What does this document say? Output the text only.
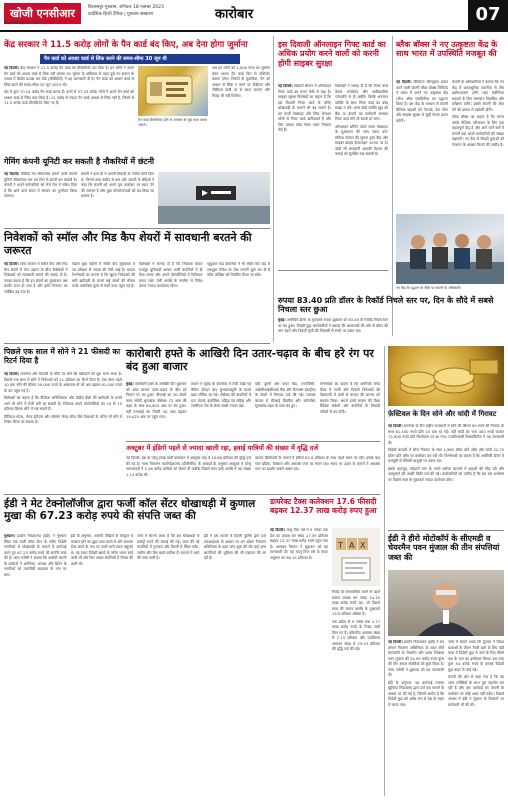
खोजी एनसीआर
www.khojincr.com
बिलासपुर गुरुग्राम, शनिवार 18 नवम्बर 2023
प्रादेशिक हिन्दी दैनिक | गुरुग्राम संस्करण	कारोबार	07
केंद्र सरकार ने 11.5 करोड़ लोगों के पैन कार्ड बंद किए, अब देना होगा जुर्माना
पैन कार्ड को आधार कार्ड से लिंक करने की समय-सीमा 30 जून थी

नई दिल्ली। केंद्र सरकार ने 11.5 करोड़ पैन कार्ड को डीएक्टिवेट कर दिया है। इन लोगों ने अपने पैन कार्ड को आधार कार्ड से लिंक नहीं कराया था। सूचना के अधिकार के तहत पूछे गए सवाल के जवाब में केंद्रीय प्रत्यक्ष कर बोर्ड (सीबीडीटी) ने यह जानकारी दी है। पैन कार्ड को आधार कार्ड से लिंक करने की समय-सीमा 30 जून 2023 थी।

देश में कुल 70.24 करोड़ पैन कार्ड धारक हैं। इनमें से 57.25 करोड़ लोगों ने अपने पैन कार्ड को आधार कार्ड से लिंक करा लिया है। 12 करोड़ से ज्यादा पैन कार्ड आधार से लिंक नहीं हैं, जिनमें से 11.5 करोड़ कार्ड डीएक्टिवेट किए गए हैं।

अब इन लोगों को 1,000 रुपए का जुर्माना देकर अपना पैन कार्ड फिर से एक्टिवेट कराना होगा। नियमों के मुताबिक, पैन को आधार से लिंक न करने पर टीडीएस और टीसीएस ऊंची दर से काटा जाएगा और रिफंड भी नहीं मिलेगा।
पैन कार्ड डीएक्टिवेट होने से आयकर से जुड़े काम अटक जाएंगे।
गेमिंग कंपनी यूनिटी कर सकती है नौकरियों में छंटनी

नई दिल्ली। वीडियो गेम सॉफ्टवेयर बनाने वाली कंपनी यूनिटी सॉफ्टवेयर एक बार फिर से छंटनी कर सकती है। कंपनी ने अपने कर्मचारियों को भेजे मेल में संकेत दिया है कि आने वाले समय में संगठन का पुनर्गठन किया जाएगा।

कंपनी ने हाल ही में अपनी तिमाही के नतीजे जारी किए थे, जिनमें आय उम्मीद से कम रही। कंपनी के सीईओ ने कहा कि कंपनी को अपने मूल कारोबार पर ध्यान देने की जरूरत है और कुछ परियोजनाओं को बंद किया जा सकता है।
निवेशकों को स्मॉल और मिड कैप शेयरों में सावधानी बरतने की जरूरत

नई दिल्ली। शेयर बाजार में स्मॉल कैप और मिड कैप शेयरों में तेज उछाल के बीच विशेषज्ञों ने निवेशकों को सावधानी बरतने की सलाह दी है। उनका कहना है कि इन शेयरों का मूल्यांकन अब काफी ऊंचा हो गया है और इनमें गिरावट का जोखिम बढ़ गया है।

पिछले कुछ महीनों में स्मॉल कैप सूचकांक में 30 प्रतिशत से ज्यादा की तेजी आई है। बाजार विश्लेषकों का मानना है कि खुदरा निवेशकों की भारी खरीदारी के चलते कई शेयरों की कीमत उनके वास्तविक मूल्य से कहीं ऊपर पहुंच गई है।
विशेषज्ञों ने सलाह दी है कि निवेशक केवल मजबूत बुनियादी आधार वाली कंपनियों में ही पैसा लगाएं और अपने पोर्टफोलियो में विविधता बनाए रखें। लंबी अवधि के नजरिए से निवेश करना ज्यादा फायदेमंद रहेगा।
म्यूचुअल फंड कंपनियों ने भी स्मॉल कैप फंड में एकमुश्त निवेश पर रोक लगानी शुरू कर दी है ताकि जोखिम को नियंत्रित किया जा सके।
पिछले एक साल में सोने ने 21 फीसदी का रिटर्न दिया है

नई दिल्ली। धनतेरस और दिवाली के मौके पर सोने की खरीदारी को शुभ माना जाता है। पिछले एक साल में सोने ने निवेशकों को 21 प्रतिशत का रिटर्न दिया है। एक साल पहले 10 ग्राम सोने की कीमत 50,000 रुपये के आसपास थी जो अब बढ़कर 61,000 रुपये के पार पहुंच गई है।

विशेषज्ञों का कहना है कि वैश्विक अनिश्चितता और केंद्रीय बैंकों की खरीदारी के चलते आगे भी सोने में तेजी बनी रह सकती है। निवेशक अपने पोर्टफोलियो का 10 से 15 प्रतिशत हिस्सा सोने में रख सकते हैं।

डिजिटल गोल्ड, गोल्ड ईटीएफ और सॉवरेन गोल्ड बॉन्ड जैसे विकल्पों के जरिए भी सोने में निवेश किया जा सकता है।

कारोबारी हफ्ते के आखिरी दिन उतार-चढ़ाव के बीच हरे रंग पर बंद हुआ बाजार

मुंबई। कारोबारी हफ्ते के आखिरी दिन शुक्रवार को शेयर बाजार उतार-चढ़ाव के बीच हरे निशान पर बंद हुआ। बीएसई का 30 शेयरों वाला संवेदी सूचकांक सेंसेक्स 72 अंक की बढ़त के साथ 64,904 अंक पर बंद हुआ। वहीं एनएसई का निफ्टी 30 अंक बढ़कर 19,425 अंक पर पहुंच गया।

बाजार में सुबह के कारोबार में तेजी देखी गई लेकिन दोपहर बाद मुनाफावसूली के चलते बढ़त सीमित रह गई। सेंसेक्स की कंपनियों में टाटा मोटर्स, इंफोसिस, महिंद्रा एंड महिंद्रा और एचसीएल टेक के शेयर सबसे ज्यादा बढ़े।
वहीं, दूसरी ओर पावर ग्रिड, एनटीपीसी, आईसीआईसीआई बैंक और रिलायंस इंडस्ट्रीज के शेयरों में गिरावट दर्ज की गई। व्यापक बाजार में बीएसई मिडकैप और स्मॉलकैप सूचकांक बढ़त के साथ बंद हुए।
विश्लेषकों का कहना है कि अमेरिकी बॉन्ड यील्ड में नरमी और विदेशी निवेशकों की बिकवाली में कमी से बाजार की धारणा को समर्थन मिला। अगले हफ्ते बाजार की दिशा वैश्विक संकेतों और कंपनियों के तिमाही नतीजों से तय होगी।
अक्टूबर में इंडिगो पहले से ज्यादा खाली रहा, हवाई यात्रियों की संख्या में वृद्धि दर्ज
नई दिल्ली। देश के घरेलू हवाई यात्री यातायात में अक्टूबर माह में 10.86 प्रतिशत की वृद्धि दर्ज की गई है। नागर विमानन महानिदेशालय (डीजीसीए) के आंकड़ों के अनुसार अक्टूबर में घरेलू एयरलाइनों ने 1.26 करोड़ यात्रियों को सेवाएं दीं जबकि पिछले साल इसी अवधि में यह संख्या 1.14 करोड़ थी।
बाजार हिस्सेदारी के मामले में इंडिगो 62.6 प्रतिशत के साथ पहले स्थान पर रही। इसके बाद एयर इंडिया, विस्तारा और अकासा एयर का स्थान रहा। समय पर उड़ान के मामले में अकासा एयर का प्रदर्शन सबसे अच्छा रहा।
ईडी ने मेट टेक्नोलॉजीज द्वारा फर्जी कॉल सेंटर धोखाधड़ी में कुणाल मुखा की 67.23 करोड़ रुपये की संपत्ति जब्त की

गुरुग्राम। प्रवर्तन निदेशालय (ईडी) ने गुरुग्राम स्थित एक फर्जी कॉल सेंटर के जरिए विदेशी नागरिकों से धोखाधड़ी के मामले में कार्रवाई करते हुए 67.23 करोड़ रुपये की संपत्ति जब्त की है। जांच एजेंसी ने बताया कि आरोपी कंपनी के प्रमोटरों ने अमेरिका, कनाडा और ब्रिटेन के नागरिकों को तकनीकी सहायता के नाम पर ठगा।

ईडी के अनुसार, आरोपी पीड़ितों के कंप्यूटर में वायरस होने का झूठा दावा करते थे और समस्या ठीक करने के नाम पर उनसे भारी रकम वसूलते थे। यह रकम विदेशी खातों के जरिए भारत लाई जाती थी और फिर अचल संपत्तियों में निवेश की जाती थी।
जांच में सामने आया है कि इस धोखाधड़ी से करोड़ों रुपये की कमाई की गई। जब्त की गई संपत्तियों में गुरुग्राम और दिल्ली में स्थित फ्लैट, जमीन और बैंक खाते शामिल हैं। मामले में आगे की जांच जारी है।
ईडी ने इस मामले में दिल्ली पुलिस द्वारा दर्ज एफआईआर के आधार पर धन शोधन निवारण अधिनियम के तहत जांच शुरू की थी। कई अन्य आरोपियों की भूमिका की भी पड़ताल की जा रही है।
डायरेक्ट टैक्स कलेक्शन 17.6 फीसदी बढ़कर 12.37 लाख करोड़ रुपए हुआ

नई दिल्ली। चालू वित्त वर्ष में 9 नवंबर तक देश का प्रत्यक्ष कर संग्रह 17.59 प्रतिशत बढ़कर 12.37 लाख करोड़ रुपये पहुंच गया है। आयकर विभाग ने शुक्रवार को यह जानकारी दी। यह चालू वित्त वर्ष के बजट अनुमान का 58.15 प्रतिशत है।

T A X

रिफंड को समायोजित करने से पहले सकल प्रत्यक्ष कर संग्रह 14.15 लाख करोड़ रुपये रहा, जो पिछले साल की समान अवधि के मुकाबले 15.5 प्रतिशत अधिक है।

एक अप्रैल से 9 नवंबर तक 1.77 लाख करोड़ रुपये के रिफंड जारी किए गए हैं। कॉरपोरेट आयकर संग्रह में 7.13 प्रतिशत और व्यक्तिगत आयकर संग्रह में 29.53 प्रतिशत की वृद्धि दर्ज की गई।

इस दिवाली ऑनलाइन गिफ्ट कार्ड का अधिक प्रयोग करने वालों को करनी होगी साइबर सुरक्षा

नई दिल्ली। त्योहारी सीजन में ऑनलाइन गिफ्ट कार्ड का चलन तेजी से बढ़ा है। साइबर सुरक्षा विशेषज्ञों का कहना है कि इस दिवाली गिफ्ट कार्ड के जरिए धोखाधड़ी के मामले भी बढ़ सकते हैं। ठग फर्जी वेबसाइट और लिंक भेजकर लोगों से गिफ्ट कार्ड खरीदवाते हैं और फिर उसका कोड लेकर रकम निकाल लेते हैं।

विशेषज्ञों ने सलाह दी है कि गिफ्ट कार्ड केवल भरोसेमंद और आधिकारिक प्लेटफॉर्म से ही खरीदें। किसी अनजान व्यक्ति के साथ गिफ्ट कार्ड का कोड साझा न करें। अगर कोई व्यक्ति खुद को बैंक या कंपनी का कर्मचारी बताकर गिफ्ट कार्ड मांगे तो सतर्क हो जाएं।

ऑनलाइन शॉपिंग करते समय वेबसाइट के यूआरएल की जांच जरूर करें। संदिग्ध लेनदेन की सूचना तुरंत बैंक और साइबर क्राइम हेल्पलाइन 1930 पर दें। थोड़ी सी सावधानी आपकी मेहनत की कमाई को सुरक्षित रख सकती है।

ब्लैक बॉक्स ने नए उत्कृष्टता केंद्र के साथ भारत में उपस्थिति मजबूत की

नई दिल्ली। डिजिटल सॉल्यूशंस प्रदान करने वाली कंपनी ब्लैक बॉक्स लिमिटेड ने भारत में अपने नए उत्कृष्टता केंद्र (सेंटर ऑफ एक्सीलेंस) का उद्घाटन किया है। इस केंद्र के माध्यम से कंपनी वैश्विक ग्राहकों को नेटवर्क, डेटा सेंटर और साइबर सुरक्षा से जुड़ी सेवाएं प्रदान करेगी।

कंपनी के अधिकारियों ने बताया कि नए केंद्र में अत्याधुनिक तकनीक से लैस प्रयोगशालाएं होंगी जहां इंजीनियर ग्राहकों के लिए समाधान विकसित और परीक्षण करेंगे। इससे कंपनी की सेवा देने की क्षमता में बढ़ोतरी होगी।

ब्लैक बॉक्स का कहना है कि भारत उसके वैश्विक परिचालन के लिए एक महत्वपूर्ण केंद्र है और आने वाले वर्षों में कंपनी यहां अपने कर्मचारियों की संख्या बढ़ाएगी। नए केंद्र से सैकड़ों युवाओं को रोजगार के अवसर मिलने की उम्मीद है।

नए केंद्र के उद्घाटन के मौके पर कंपनी के अधिकारी।
रुपया 83.40 प्रति डॉलर के रिकॉर्ड निचले स्तर पर, दिन के सौदे में सबसे निचला स्तर छुआ

मुंबई। अमेरिकी डॉलर के मुकाबले रुपया शुक्रवार को 83.40 के रिकॉर्ड निचले स्तर पर बंद हुआ। विदेशी मुद्रा कारोबारियों ने बताया कि आयातकों की ओर से डॉलर की मांग बढ़ने और विदेशी पूंजी की निकासी से रुपये पर दबाव रहा।

फ़ेस्टिवल के दिन सोने और चांदी में गिरावट

नई दिल्ली। धनतेरस के दिन राष्ट्रीय राजधानी में सोने की कीमत 50 रुपये की गिरावट के साथ 61,400 रुपये प्रति 10 ग्राम रह गई। वहीं चांदी का भाव 400 रुपये घटकर 72,900 रुपये प्रति किलोग्राम पर आ गया। एचडीएफसी सिक्योरिटीज ने यह जानकारी दी।

विदेशी बाजारों में सोना गिरावट के साथ 1,962 डॉलर प्रति औंस और चांदी 22.75 डॉलर प्रति औंस पर कारोबार कर रही थी। विश्लेषकों का कहना है कि अमेरिकी डॉलर में मजबूती से कीमती धातुओं पर दबाव रहा।

इसके बावजूद, त्योहारी मांग के चलते सर्राफा बाजारों में ग्राहकों की भीड़ रही और आभूषणों की अच्छी बिक्री दर्ज की गई। कारोबारियों को उम्मीद है कि इस बार धनतेरस पर पिछले साल के मुकाबले ज्यादा कारोबार होगा।

ईडी ने हीरो मोटोकॉर्प के सीएमडी व चेयरमैन पवन मुंजाल की तीन संपत्तियां जब्त की

नई दिल्ली। प्रवर्तन निदेशालय (ईडी) ने धन शोधन निवारण अधिनियम के तहत हीरो मोटोकॉर्प के चेयरमैन और प्रबंध निदेशक पवन मुंजाल की 24.95 करोड़ रुपये मूल्य की तीन अचल संपत्तियों को कुर्क किया है। जांच एजेंसी ने शुक्रवार को यह जानकारी दी।

ईडी के अनुसार, यह कार्रवाई राजस्व खुफिया निदेशालय द्वारा दर्ज एक मामले के आधार पर की गई है, जिसमें आरोप है कि विदेशी मुद्रा को अवैध रूप से देश के बाहर ले जाया गया।

जांच में सामने आया कि मुंजाल ने विदेश यात्राओं के दौरान निजी खर्च के लिए बड़ी मात्रा में विदेशी मुद्रा ले जाने के लिए तीसरे पक्ष के नाम का इस्तेमाल किया। इस तरह कुल 54 करोड़ रुपये के बराबर विदेशी मुद्रा बाहर ले जाई गई।

कंपनी की ओर से कहा गया है कि वह जांच एजेंसियों के साथ पूरा सहयोग कर रही है और इस कार्रवाई का कंपनी के कारोबार पर कोई असर नहीं पड़ेगा। पिछले अगस्त में ईडी ने मुंजाल के ठिकानों पर छापेमारी भी की थी।
